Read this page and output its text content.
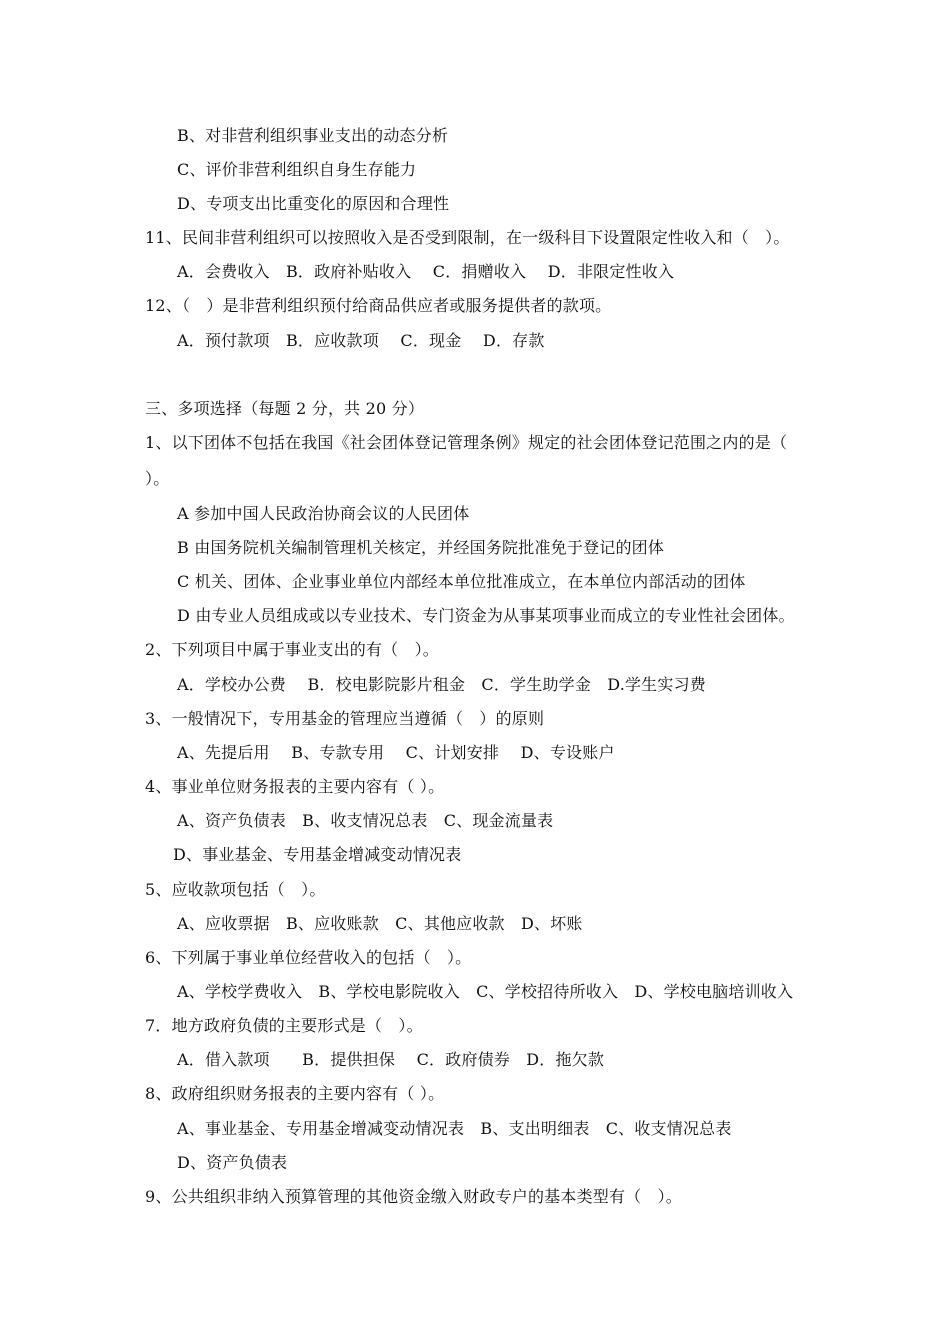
B、对非营利组织事业支出的动态分析
C、评价非营利组织自身生存能力
D、专项支出比重变化的原因和合理性
11、民间非营利组织可以按照收入是否受到限制，在一级科目下设置限定性收入和（　）。
A．会费收入　B．政府补贴收入　 C．捐赠收入　 D．非限定性收入
12、（　）是非营利组织预付给商品供应者或服务提供者的款项。
A．预付款项　B．应收款项　 C．现金　 D．存款
三、多项选择（每题 2 分，共 20 分）
1、以下团体不包括在我国《社会团体登记管理条例》规定的社会团体登记范围之内的是（
）。
A 参加中国人民政治协商会议的人民团体
B 由国务院机关编制管理机关核定，并经国务院批准免于登记的团体
C 机关、团体、企业事业单位内部经本单位批准成立，在本单位内部活动的团体
D 由专业人员组成或以专业技术、专门资金为从事某项事业而成立的专业性社会团体。
2、下列项目中属于事业支出的有（　）。
A．学校办公费　 B．校电影院影片租金　C．学生助学金　D.学生实习费
3、一般情况下，专用基金的管理应当遵循（　）的原则
A、先提后用　 B、专款专用　 C、计划安排　 D、专设账户
4、事业单位财务报表的主要内容有（ ）。
A、资产负债表　B、收支情况总表　C、现金流量表
D、事业基金、专用基金增减变动情况表
5、应收款项包括（　）。
A、应收票据　B、应收账款　C、其他应收款　D、坏账
6、下列属于事业单位经营收入的包括（　）。
A、学校学费收入　B、学校电影院收入　C、学校招待所收入　D、学校电脑培训收入
7．地方政府负债的主要形式是（　）。
A．借入款项　　B．提供担保　 C．政府债券　D．拖欠款
8、政府组织财务报表的主要内容有（ ）。
A、事业基金、专用基金增减变动情况表　B、支出明细表　C、收支情况总表
D、资产负债表
9、公共组织非纳入预算管理的其他资金缴入财政专户的基本类型有（　）。
